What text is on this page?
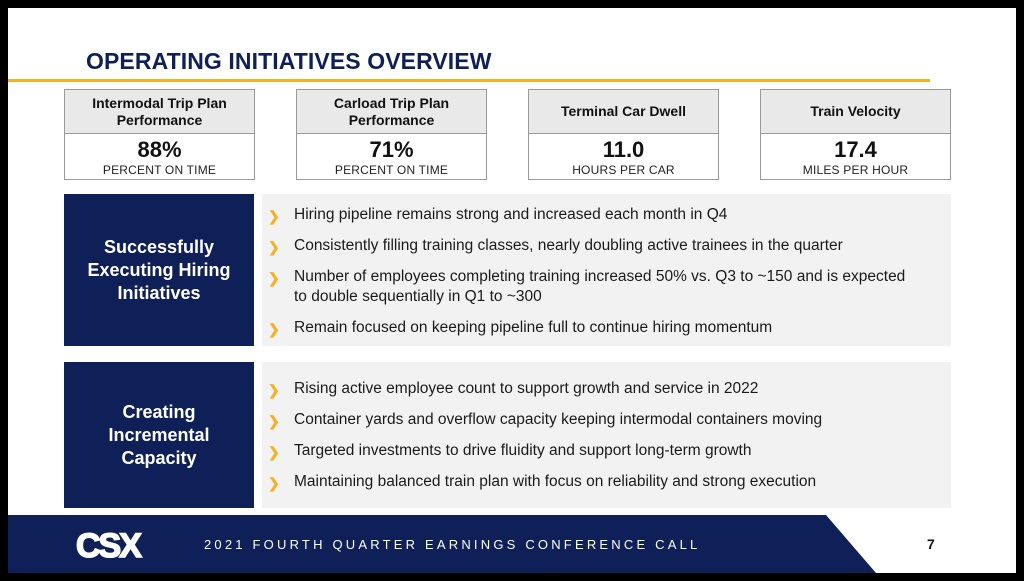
OPERATING INITIATIVES OVERVIEW
Intermodal Trip Plan Performance
88%
PERCENT ON TIME
Carload Trip Plan Performance
71%
PERCENT ON TIME
Terminal Car Dwell
11.0
HOURS PER CAR
Train Velocity
17.4
MILES PER HOUR
Successfully Executing Hiring Initiatives
❯ Hiring pipeline remains strong and increased each month in Q4
❯ Consistently filling training classes, nearly doubling active trainees in the quarter
❯ Number of employees completing training increased 50% vs. Q3 to ~150 and is expected to double sequentially in Q1 to ~300
❯ Remain focused on keeping pipeline full to continue hiring momentum
Creating Incremental Capacity
❯ Rising active employee count to support growth and service in 2022
❯ Container yards and overflow capacity keeping intermodal containers moving
❯ Targeted investments to drive fluidity and support long-term growth
❯ Maintaining balanced train plan with focus on reliability and strong execution
CSX	2021 FOURTH QUARTER EARNINGS CONFERENCE CALL	7
